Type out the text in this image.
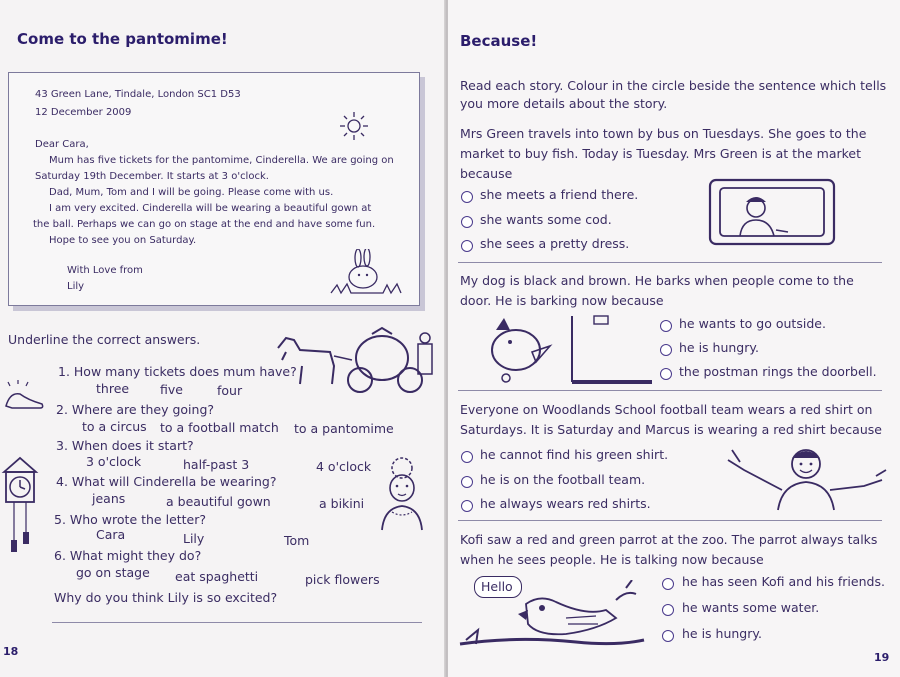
Come to the pantomime!
43 Green Lane, Tindale, London SC1 D53
12 December 2009
Dear Cara,
Mum has five tickets for the pantomime, Cinderella. We are going on
Saturday 19th December. It starts at 3 o'clock.
Dad, Mum, Tom and I will be going. Please come with us.
I am very excited. Cinderella will be wearing a beautiful gown at
the ball. Perhaps we can go on stage at the end and have some fun.
Hope to see you on Saturday.
With Love from
Lily
Underline the correct answers.
1. How many tickets does mum have?
three five	four
2. Where are they going?
to a circus to a football match to a pantomime
3. When does it start?
3 o'clock	half-past 3	4 o'clock
4. What will Cinderella be wearing?
jeans	a beautiful gown	a bikini
5. Who wrote the letter?
Cara	Lily	Tom
6. What might they do?
go on stage eat spaghetti	pick flowers
Why do you think Lily is so excited?
18
Because!
Read each story. Colour in the circle beside the sentence which tells
you more details about the story.
Mrs Green travels into town by bus on Tuesdays. She goes to the
market to buy fish. Today is Tuesday. Mrs Green is at the market
because
she meets a friend there.
she wants some cod.
she sees a pretty dress.
My dog is black and brown. He barks when people come to the
door. He is barking now because
he wants to go outside.
he is hungry.
the postman rings the doorbell.
Everyone on Woodlands School football team wears a red shirt on
Saturdays. It is Saturday and Marcus is wearing a red shirt because
he cannot find his green shirt.
he is on the football team.
he always wears red shirts.
Kofi saw a red and green parrot at the zoo. The parrot always talks
when he sees people. He is talking now because
Hello	he has seen Kofi and his friends.
he wants some water.
he is hungry.
19
